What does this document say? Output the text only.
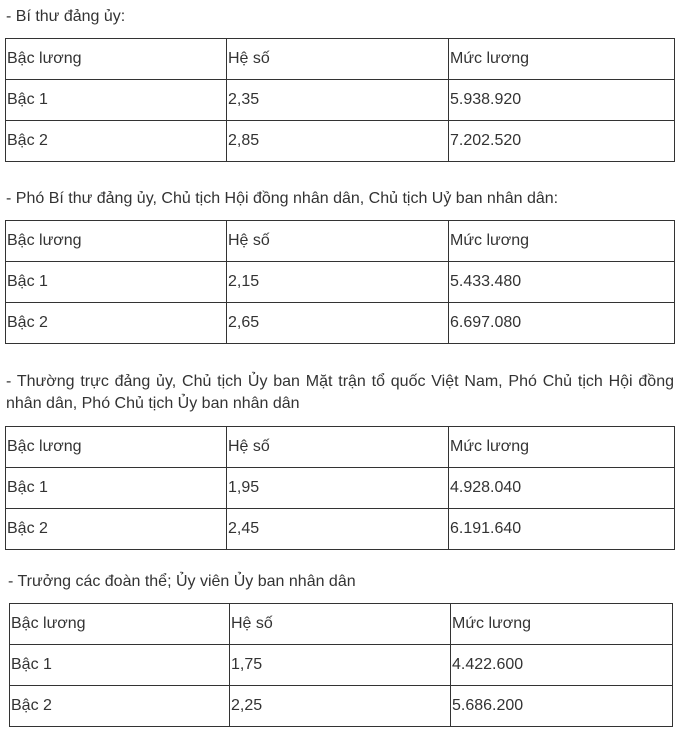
- Bí thư đảng ủy:

Bậc lương	Hệ số	Mức lương
Bậc 1	2,35	5.938.920
Bậc 2	2,85	7.202.520

- Phó Bí thư đảng ủy, Chủ tịch Hội đồng nhân dân, Chủ tịch Uỷ ban nhân dân:

Bậc lương	Hệ số	Mức lương
Bậc 1	2,15	5.433.480
Bậc 2	2,65	6.697.080

- Thường trực đảng ủy, Chủ tịch Ủy ban Mặt trận tổ quốc Việt Nam, Phó Chủ tịch Hội đồng nhân dân, Phó Chủ tịch Ủy ban nhân dân

Bậc lương	Hệ số	Mức lương
Bậc 1	1,95	4.928.040
Bậc 2	2,45	6.191.640

- Trưởng các đoàn thể; Ủy viên Ủy ban nhân dân

Bậc lương	Hệ số	Mức lương
Bậc 1	1,75	4.422.600
Bậc 2	2,25	5.686.200
